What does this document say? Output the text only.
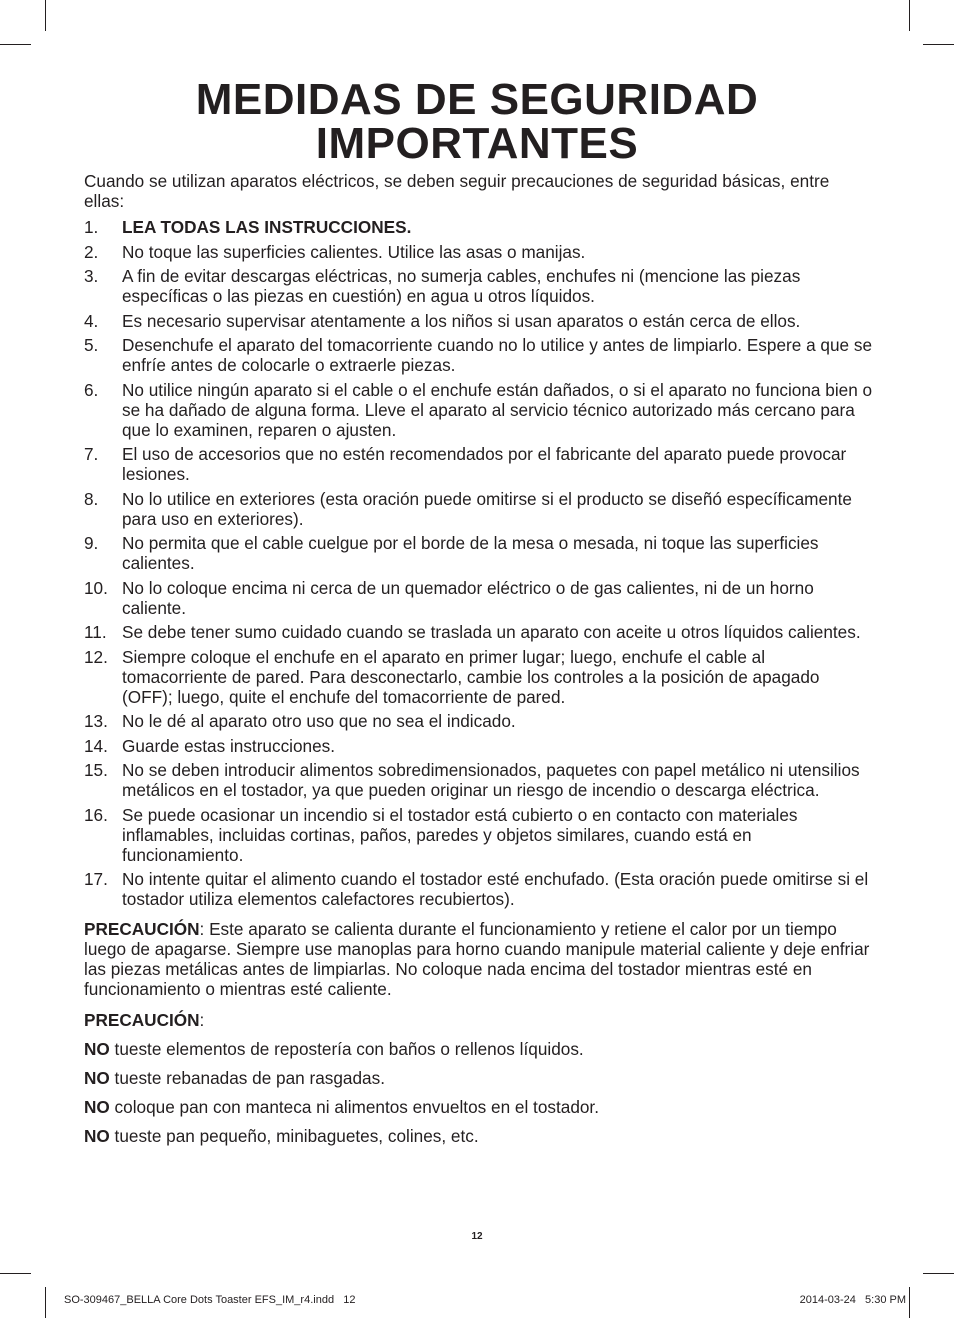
MEDIDAS DE SEGURIDAD
IMPORTANTES

Cuando se utilizan aparatos eléctricos, se deben seguir precauciones de seguridad básicas, entre ellas:

1. LEA TODAS LAS INSTRUCCIONES.
2. No toque las superficies calientes. Utilice las asas o manijas.
3. A fin de evitar descargas eléctricas, no sumerja cables, enchufes ni (mencione las piezas específicas o las piezas en cuestión) en agua u otros líquidos.
4. Es necesario supervisar atentamente a los niños si usan aparatos o están cerca de ellos.
5. Desenchufe el aparato del tomacorriente cuando no lo utilice y antes de limpiarlo. Espere a que se enfríe antes de colocarle o extraerle piezas.
6. No utilice ningún aparato si el cable o el enchufe están dañados, o si el aparato no funciona bien o se ha dañado de alguna forma. Lleve el aparato al servicio técnico autorizado más cercano para que lo examinen, reparen o ajusten.
7. El uso de accesorios que no estén recomendados por el fabricante del aparato puede provocar lesiones.
8. No lo utilice en exteriores (esta oración puede omitirse si el producto se diseñó específicamente para uso en exteriores).
9. No permita que el cable cuelgue por el borde de la mesa o mesada, ni toque las superficies calientes.
10. No lo coloque encima ni cerca de un quemador eléctrico o de gas calientes, ni de un horno caliente.
11. Se debe tener sumo cuidado cuando se traslada un aparato con aceite u otros líquidos calientes.
12. Siempre coloque el enchufe en el aparato en primer lugar; luego, enchufe el cable al tomacorriente de pared. Para desconectarlo, cambie los controles a la posición de apagado (OFF); luego, quite el enchufe del tomacorriente de pared.
13. No le dé al aparato otro uso que no sea el indicado.
14. Guarde estas instrucciones.
15. No se deben introducir alimentos sobredimensionados, paquetes con papel metálico ni utensilios metálicos en el tostador, ya que pueden originar un riesgo de incendio o descarga eléctrica.
16. Se puede ocasionar un incendio si el tostador está cubierto o en contacto con materiales inflamables, incluidas cortinas, paños, paredes y objetos similares, cuando está en funcionamiento.
17. No intente quitar el alimento cuando el tostador esté enchufado. (Esta oración puede omitirse si el tostador utiliza elementos calefactores recubiertos).

PRECAUCIÓN: Este aparato se calienta durante el funcionamiento y retiene el calor por un tiempo luego de apagarse. Siempre use manoplas para horno cuando manipule material caliente y deje enfriar las piezas metálicas antes de limpiarlas. No coloque nada encima del tostador mientras esté en funcionamiento o mientras esté caliente.

PRECAUCIÓN:

NO tueste elementos de repostería con baños o rellenos líquidos.

NO tueste rebanadas de pan rasgadas.

NO coloque pan con manteca ni alimentos envueltos en el tostador.

NO tueste pan pequeño, minibaguetes, colines, etc.

12
SO-309467_BELLA Core Dots Toaster EFS_IM_r4.indd   12	2014-03-24   5:30 PM
